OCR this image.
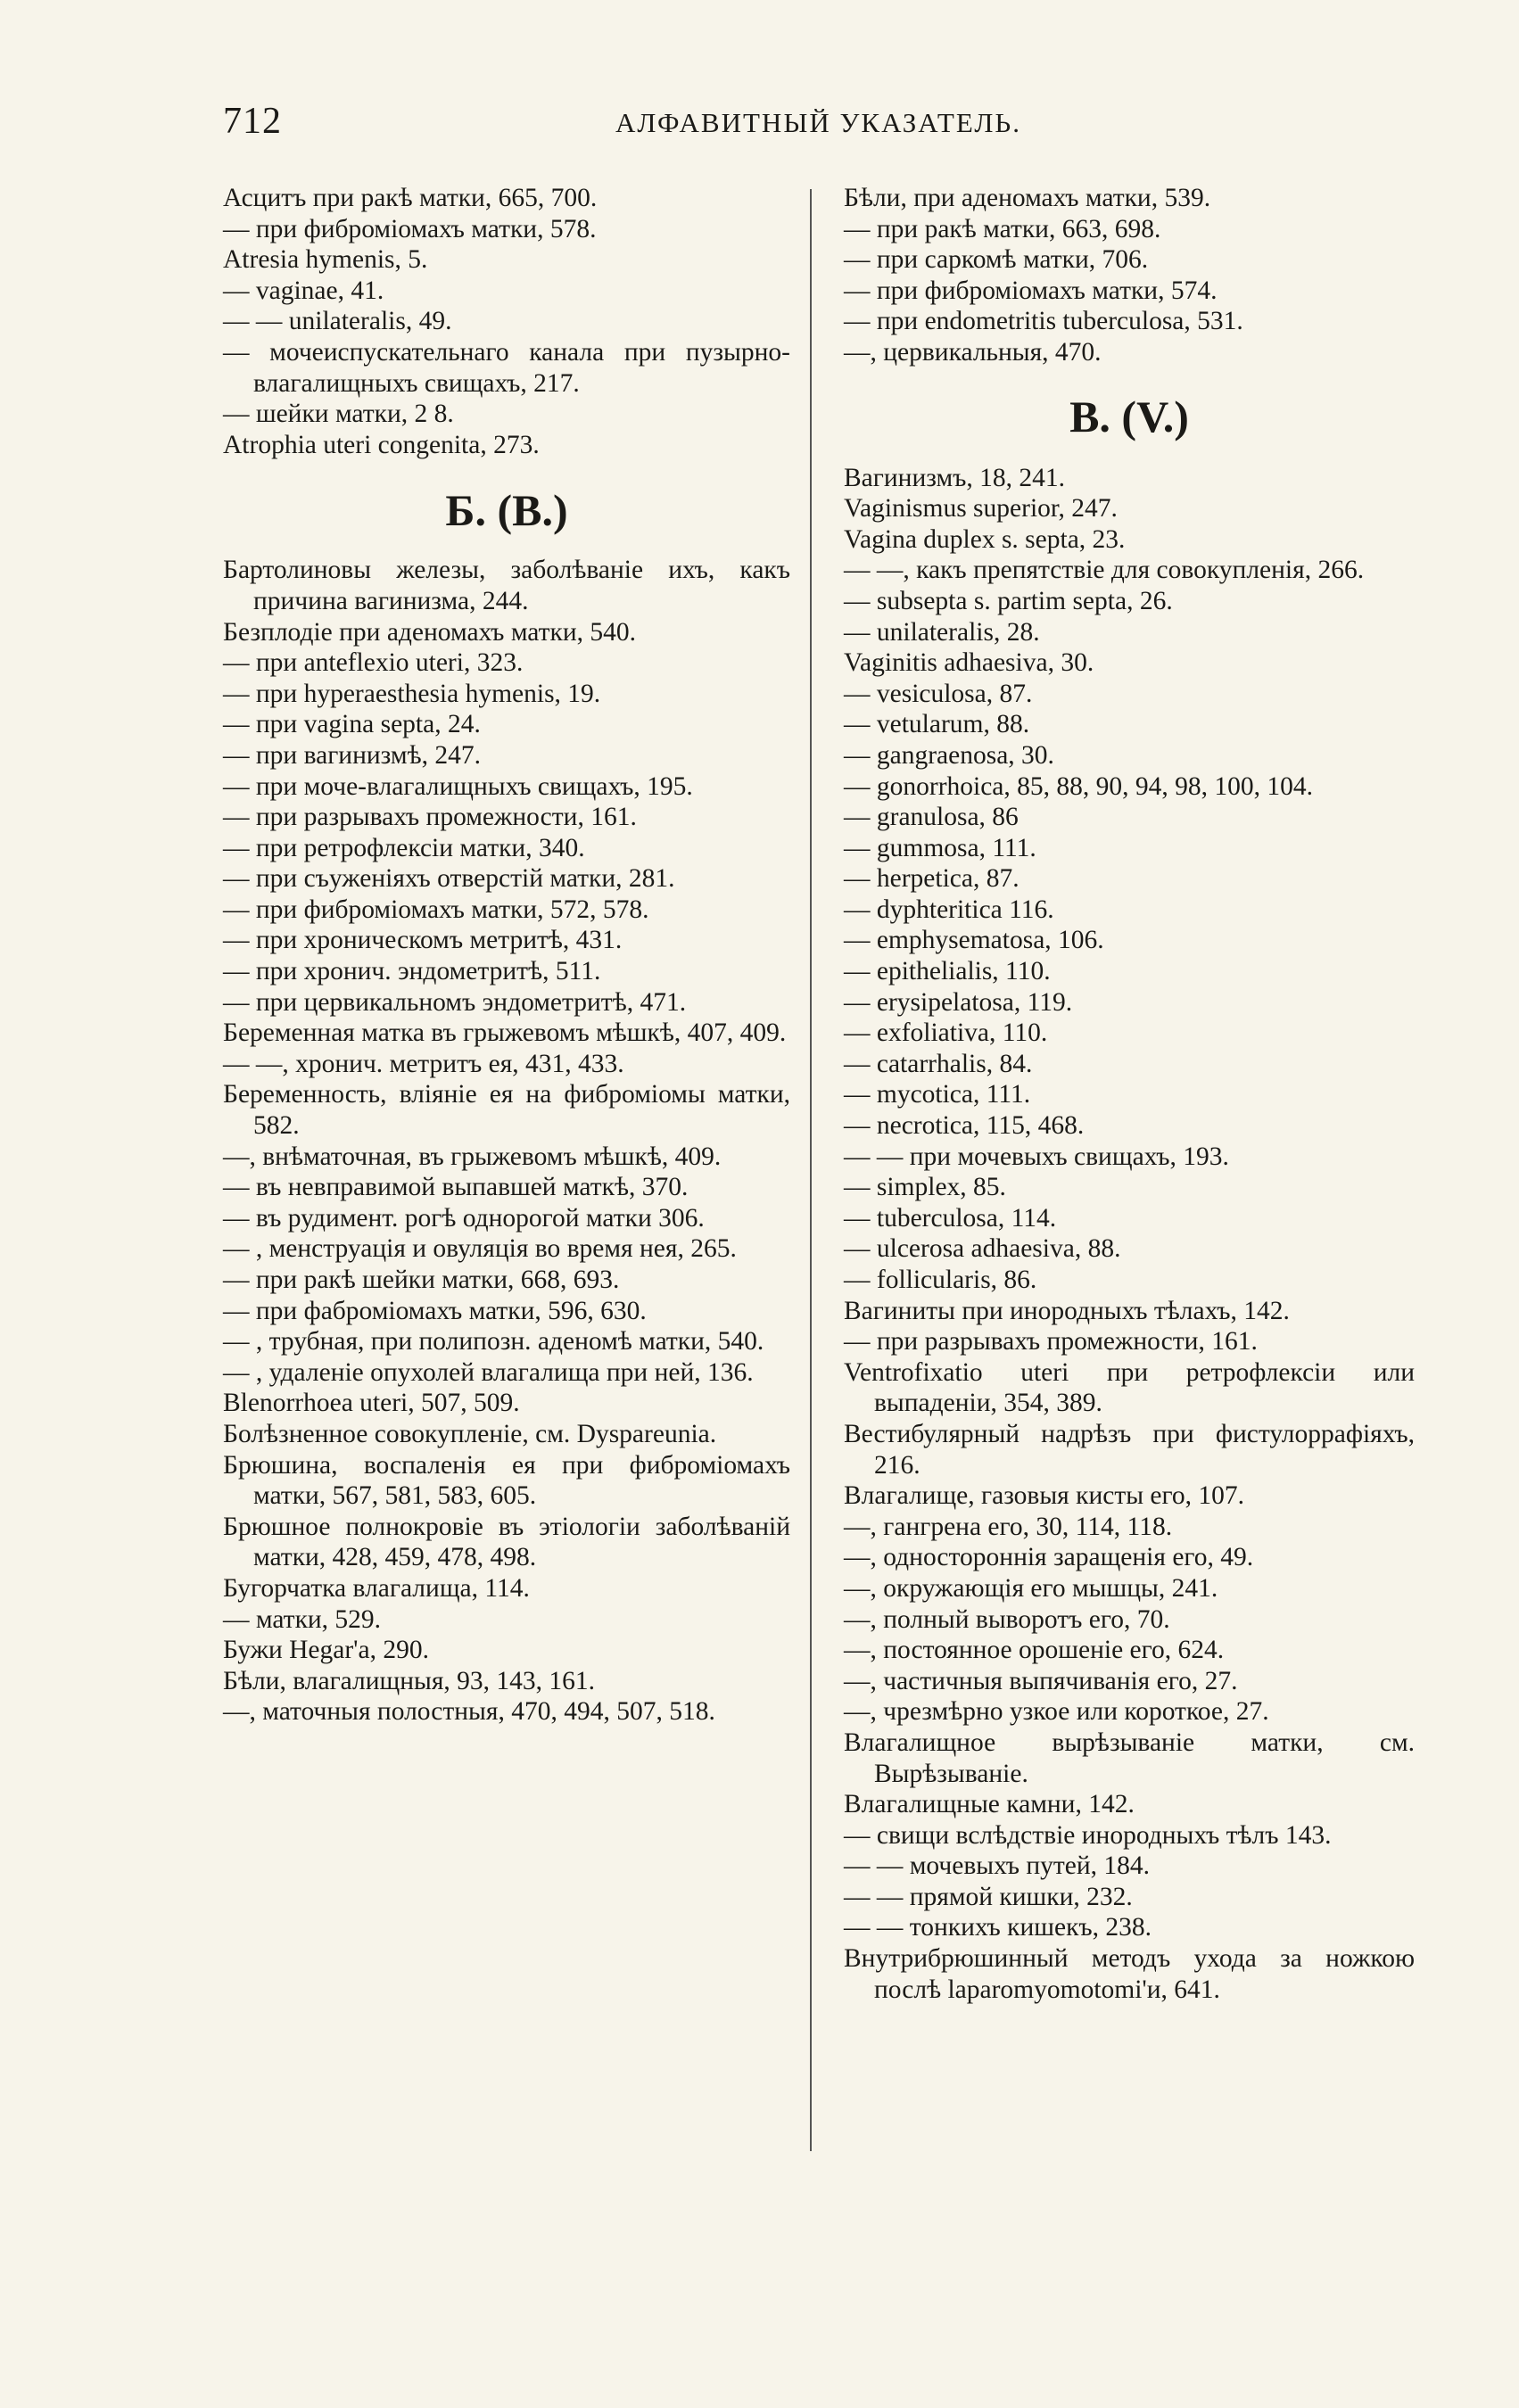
712	АЛФАВИТНЫЙ УКАЗАТЕЛЬ.
Асцитъ при ракѣ матки, 665, 700.
— при фиброміомахъ матки, 578.
Atresia hymenis, 5.
— vaginae, 41.
— — unilateralis, 49.
— мочеиспускательнаго канала при пузырно-влагалищныхъ свищахъ, 217.
— шейки матки, 2 8.
Atrophia uteri congenita, 273.
Б. (B.)
Бартолиновы железы, заболѣваніе ихъ, какъ причина вагинизма, 244.
Безплодіе при аденомахъ матки, 540.
— при anteflexio uteri, 323.
— при hyperaesthesia hymenis, 19.
— при vagina septa, 24.
— при вагинизмѣ, 247.
— при моче-влагалищныхъ свищахъ, 195.
— при разрывахъ промежности, 161.
— при ретрофлексіи матки, 340.
— при съуженіяхъ отверстій матки, 281.
— при фиброміомахъ матки, 572, 578.
— при хроническомъ метритѣ, 431.
— при хронич. эндометритѣ, 511.
— при цервикальномъ эндометритѣ, 471.
Беременная матка въ грыжевомъ мѣшкѣ, 407, 409.
— —, хронич. метритъ ея, 431, 433.
Беременность, вліяніе ея на фиброміомы матки, 582.
—, внѣматочная, въ грыжевомъ мѣшкѣ, 409.
— въ невправимой выпавшей маткѣ, 370.
— въ рудимент. рогѣ однорогой матки 306.
— , менструація и овуляція во время нея, 265.
— при ракѣ шейки матки, 668, 693.
— при фаброміомахъ матки, 596, 630.
— , трубная, при полипозн. аденомѣ матки, 540.
— , удаленіе опухолей влагалища при ней, 136.
Blenorrhoea uteri, 507, 509.
Болѣзненное совокупленіе, см. Dyspareunia.
Брюшина, воспаленія ея при фиброміомахъ матки, 567, 581, 583, 605.
Брюшное полнокровіе въ этіологіи заболѣваній матки, 428, 459, 478, 498.
Бугорчатка влагалища, 114.
— матки, 529.
Бужи Hegar'а, 290.
Бѣли, влагалищныя, 93, 143, 161.
—, маточныя полостныя, 470, 494, 507, 518.
Бѣли, при аденомахъ матки, 539.
— при ракѣ матки, 663, 698.
— при саркомѣ матки, 706.
— при фиброміомахъ матки, 574.
— при endometritis tuberculosa, 531.
—, цервикальныя, 470.
В. (V.)
Вагинизмъ, 18, 241.
Vaginismus superior, 247.
Vagina duplex s. septa, 23.
— —, какъ препятствіе для совокупленія, 266.
— subsepta s. partim septa, 26.
— unilateralis, 28.
Vaginitis adhaesiva, 30.
— vesiculosa, 87.
— vetularum, 88.
— gangraenosa, 30.
— gonorrhoica, 85, 88, 90, 94, 98, 100, 104.
— granulosa, 86
— gummosa, 111.
— herpetica, 87.
— dyphteritica 116.
— emphysematosa, 106.
— epithelialis, 110.
— erysipelatosa, 119.
— exfoliativa, 110.
— catarrhalis, 84.
— mycotica, 111.
— necrotica, 115, 468.
— — при мочевыхъ свищахъ, 193.
— simplex, 85.
— tuberculosa, 114.
— ulcerosa adhaesiva, 88.
— follicularis, 86.
Вагиниты при инородныхъ тѣлахъ, 142.
— при разрывахъ промежности, 161.
Ventrofixatio uteri при ретрофлексіи или выпаденіи, 354, 389.
Вестибулярный надрѣзъ при фистулоррафіяхъ, 216.
Влагалище, газовыя кисты его, 107.
—, гангрена его, 30, 114, 118.
—, одностороннія заращенія его, 49.
—, окружающія его мышцы, 241.
—, полный выворотъ его, 70.
—, постоянное орошеніе его, 624.
—, частичныя выпячиванія его, 27.
—, чрезмѣрно узкое или короткое, 27.
Влагалищное вырѣзываніе матки, см. Вырѣзываніе.
Влагалищные камни, 142.
— свищи вслѣдствіе инородныхъ тѣлъ 143.
— — мочевыхъ путей, 184.
— — прямой кишки, 232.
— — тонкихъ кишекъ, 238.
Внутрибрюшинный методъ ухода за ножкою послѣ laparomyomotomi'и, 641.
